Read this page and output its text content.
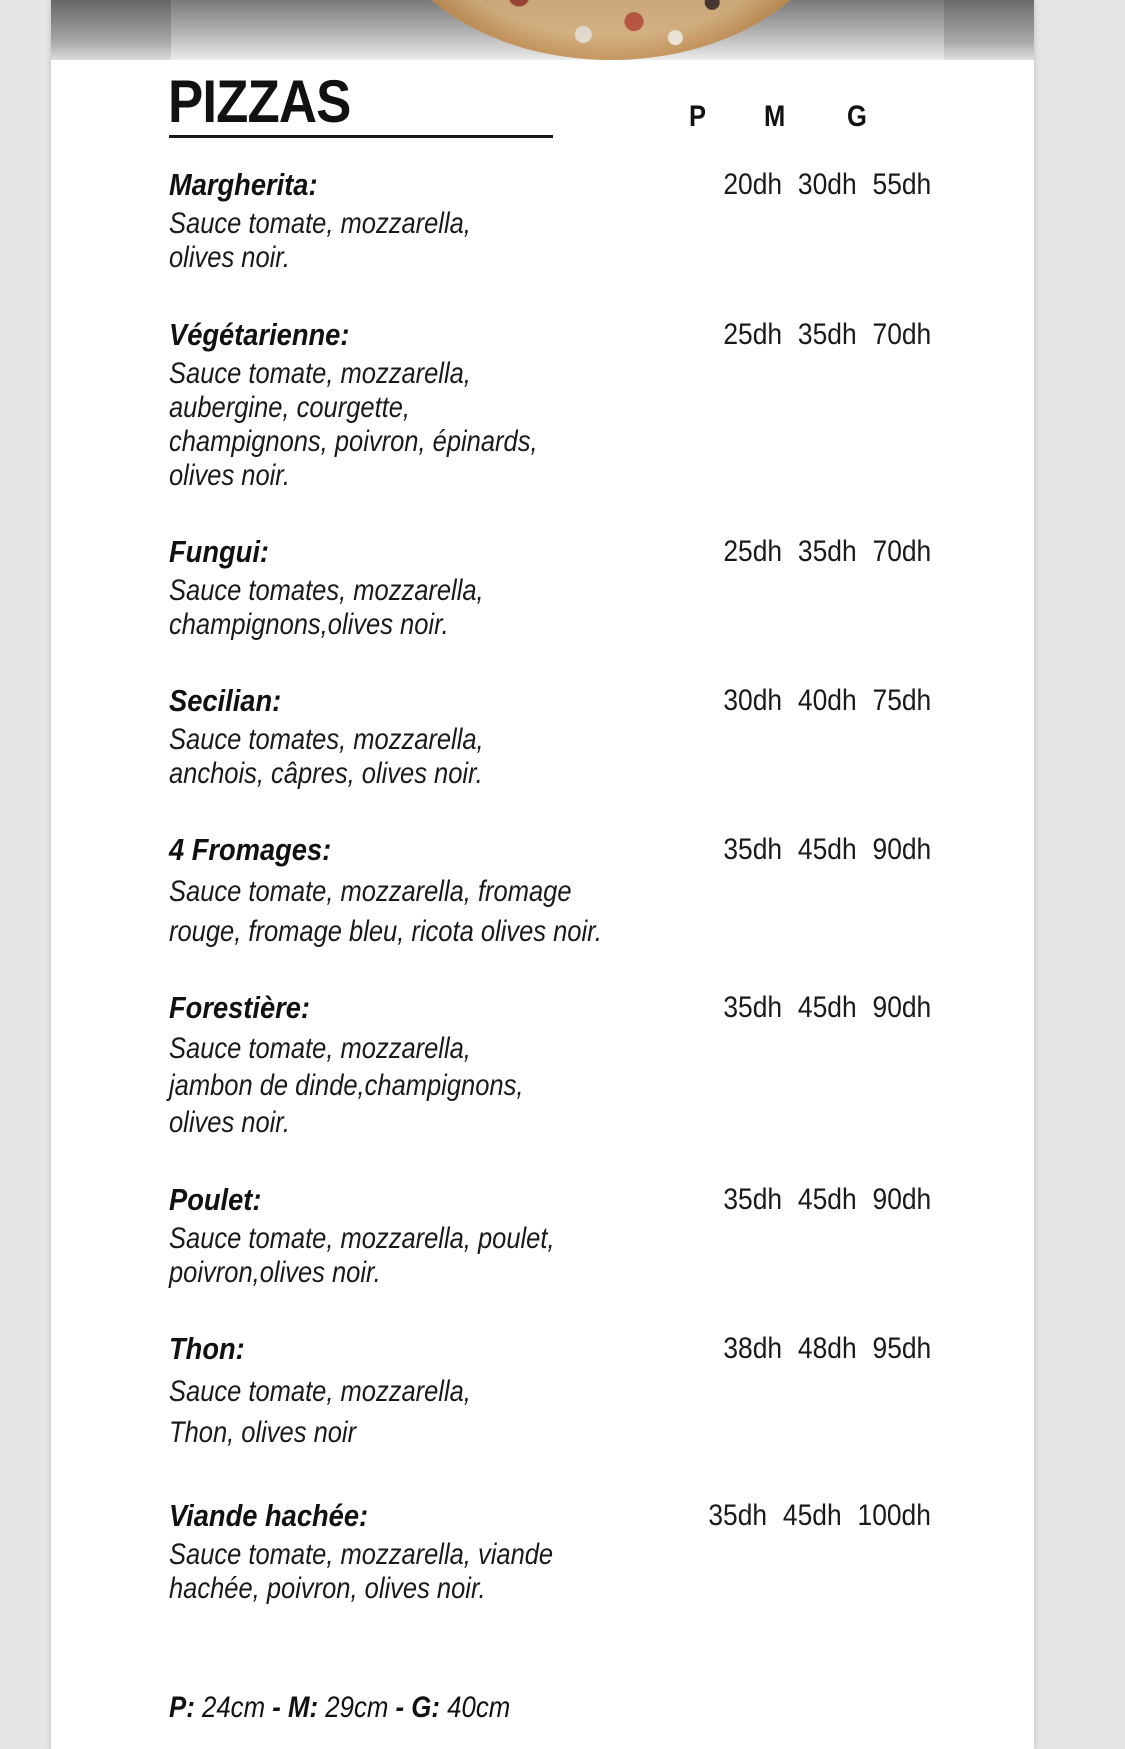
PIZZAS	P M G
Margherita:
Sauce tomate, mozzarella,
olives noir.
20dh 30dh 55dh
Végétarienne:
Sauce tomate, mozzarella,
aubergine, courgette,
champignons, poivron, épinards,
olives noir.
25dh 35dh 70dh
Fungui:
Sauce tomates, mozzarella,
champignons,olives noir.
25dh 35dh 70dh
Secilian:
Sauce tomates, mozzarella,
anchois, câpres, olives noir.
30dh 40dh 75dh
4 Fromages:
Sauce tomate, mozzarella, fromage
rouge, fromage bleu, ricota olives noir.
35dh 45dh 90dh
Forestière:
Sauce tomate, mozzarella,
jambon de dinde,champignons,
olives noir.
35dh 45dh 90dh
Poulet:
Sauce tomate, mozzarella, poulet,
poivron,olives noir.
35dh 45dh 90dh
Thon:
Sauce tomate, mozzarella,
Thon, olives noir
38dh 48dh 95dh
Viande hachée:
Sauce tomate, mozzarella, viande
hachée, poivron, olives noir.
35dh 45dh 100dh
P: 24cm - M: 29cm - G: 40cm
